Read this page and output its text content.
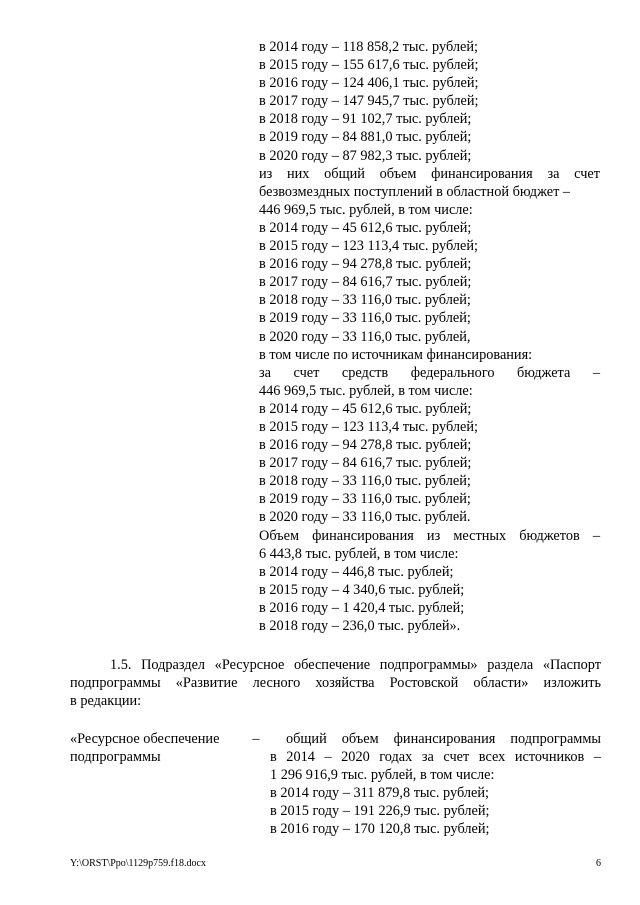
в 2014 году – 118 858,2 тыс. рублей;
в 2015 году – 155 617,6 тыс. рублей;
в 2016 году – 124 406,1 тыс. рублей;
в 2017 году – 147 945,7 тыс. рублей;
в 2018 году – 91 102,7 тыс. рублей;
в 2019 году – 84 881,0 тыс. рублей;
в 2020 году – 87 982,3 тыс. рублей;
из них общий объем финансирования за счет
безвозмездных поступлений в областной бюджет –
446 969,5 тыс. рублей, в том числе:
в 2014 году – 45 612,6 тыс. рублей;
в 2015 году – 123 113,4 тыс. рублей;
в 2016 году – 94 278,8 тыс. рублей;
в 2017 году – 84 616,7 тыс. рублей;
в 2018 году – 33 116,0 тыс. рублей;
в 2019 году – 33 116,0 тыс. рублей;
в 2020 году – 33 116,0 тыс. рублей,
в том числе по источникам финансирования:
за счет средств федерального бюджета –
446 969,5 тыс. рублей, в том числе:
в 2014 году – 45 612,6 тыс. рублей;
в 2015 году – 123 113,4 тыс. рублей;
в 2016 году – 94 278,8 тыс. рублей;
в 2017 году – 84 616,7 тыс. рублей;
в 2018 году – 33 116,0 тыс. рублей;
в 2019 году – 33 116,0 тыс. рублей;
в 2020 году – 33 116,0 тыс. рублей.
Объем финансирования из местных бюджетов –
6 443,8 тыс. рублей, в том числе:
в 2014 году – 446,8 тыс. рублей;
в 2015 году – 4 340,6 тыс. рублей;
в 2016 году – 1 420,4 тыс. рублей;
в 2018 году – 236,0 тыс. рублей».
1.5. Подраздел «Ресурсное обеспечение подпрограммы» раздела «Паспорт
подпрограммы «Развитие лесного хозяйства Ростовской области» изложить
в редакции:
«Ресурсное обеспечение
подпрограммы
–	общий объем финансирования подпрограммы
в 2014 – 2020 годах за счет всех источников –
1 296 916,9 тыс. рублей, в том числе:
в 2014 году – 311 879,8 тыс. рублей;
в 2015 году – 191 226,9 тыс. рублей;
в 2016 году – 170 120,8 тыс. рублей;
Y:\ORST\Ppo\1129p759.f18.docx	6
